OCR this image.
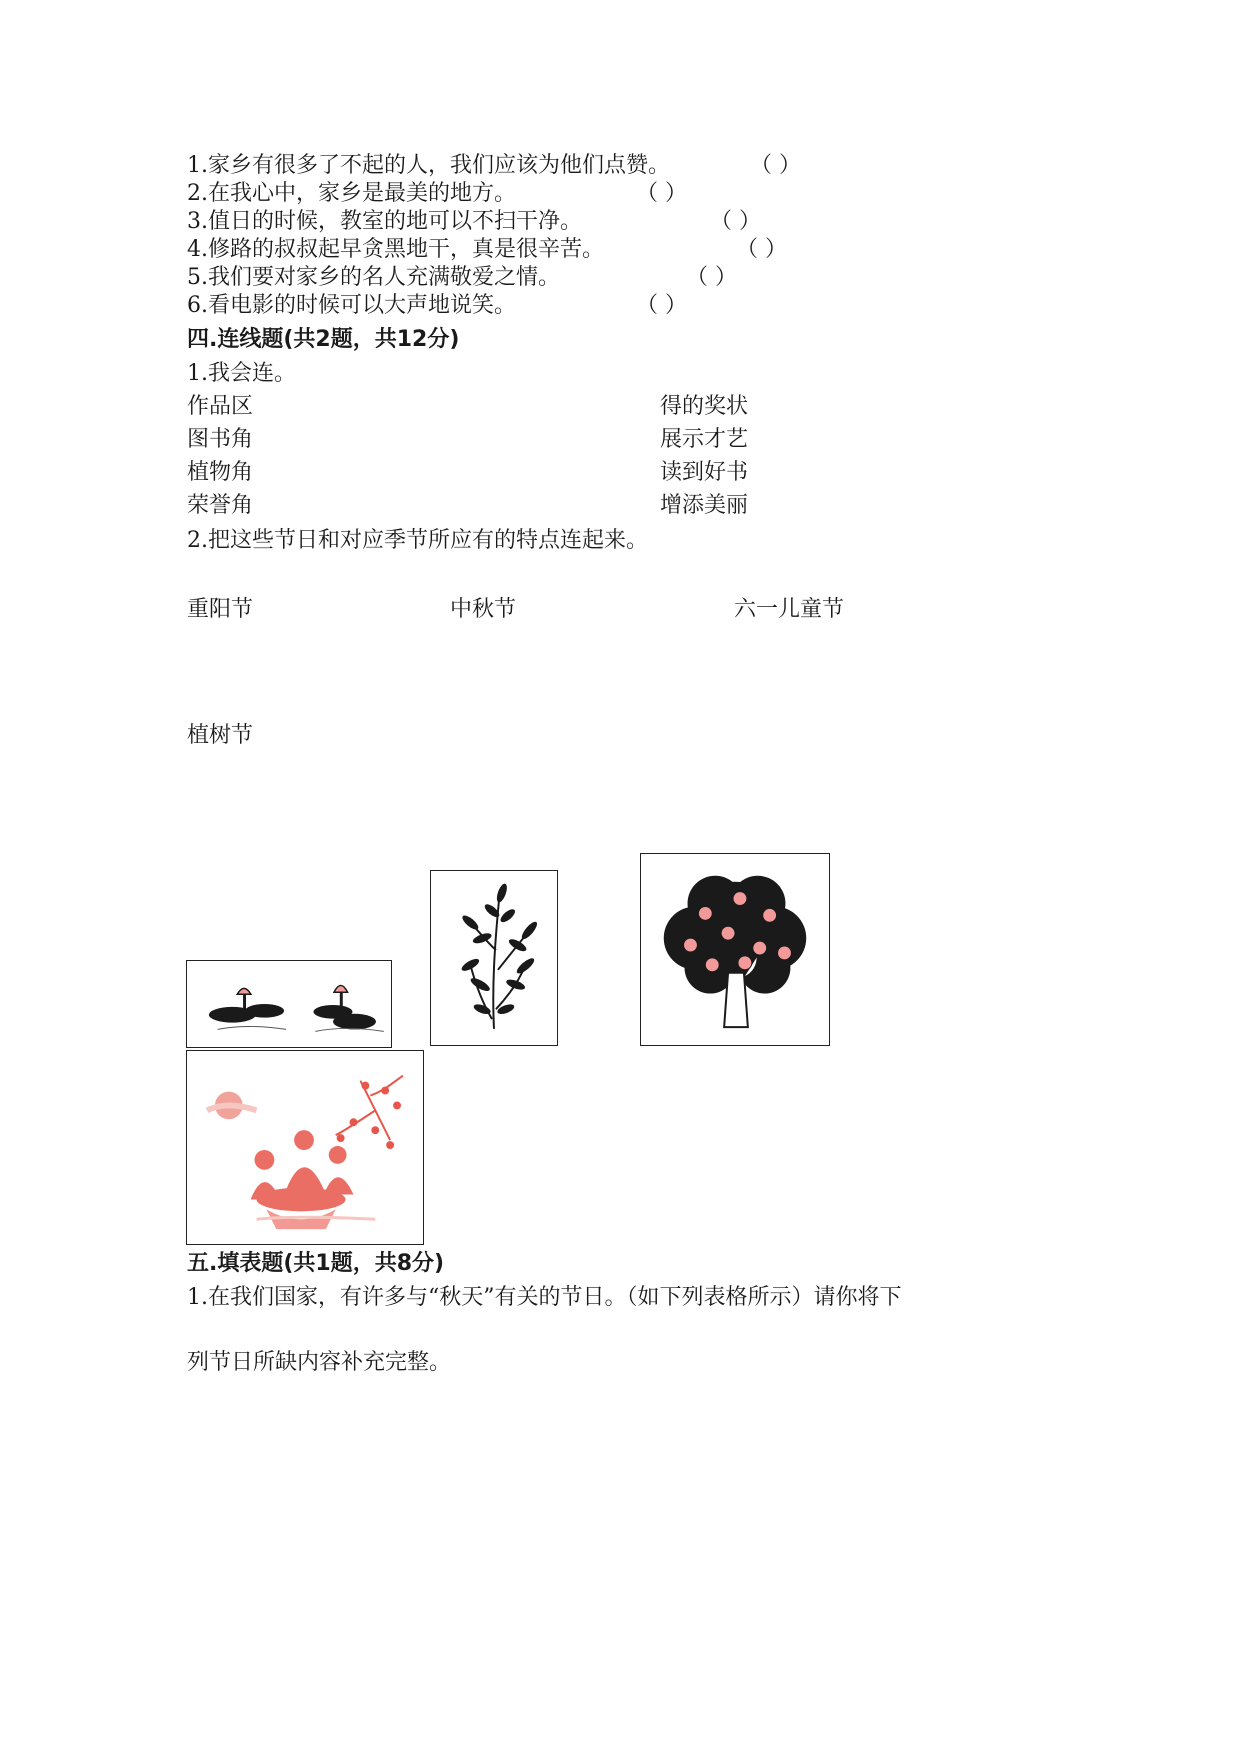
1.家乡有很多了不起的人，我们应该为他们点赞。	（ ）
2.在我心中，家乡是最美的地方。	（ ）
3.值日的时候，教室的地可以不扫干净。	（ ）
4.修路的叔叔起早贪黑地干，真是很辛苦。	（ ）
5.我们要对家乡的名人充满敬爱之情。	（ ）
6.看电影的时候可以大声地说笑。	（ ）
四.连线题(共2题，共12分)
1.我会连。
作品区
图书角
植物角
荣誉角
得的奖状
展示才艺
读到好书
增添美丽
2.把这些节日和对应季节所应有的特点连起来。
重阳节	中秋节	六一儿童节
植树节
五.填表题(共1题，共8分)
1.在我们国家，有许多与“秋天”有关的节日。（如下列表格所示）请你将下
列节日所缺内容补充完整。
